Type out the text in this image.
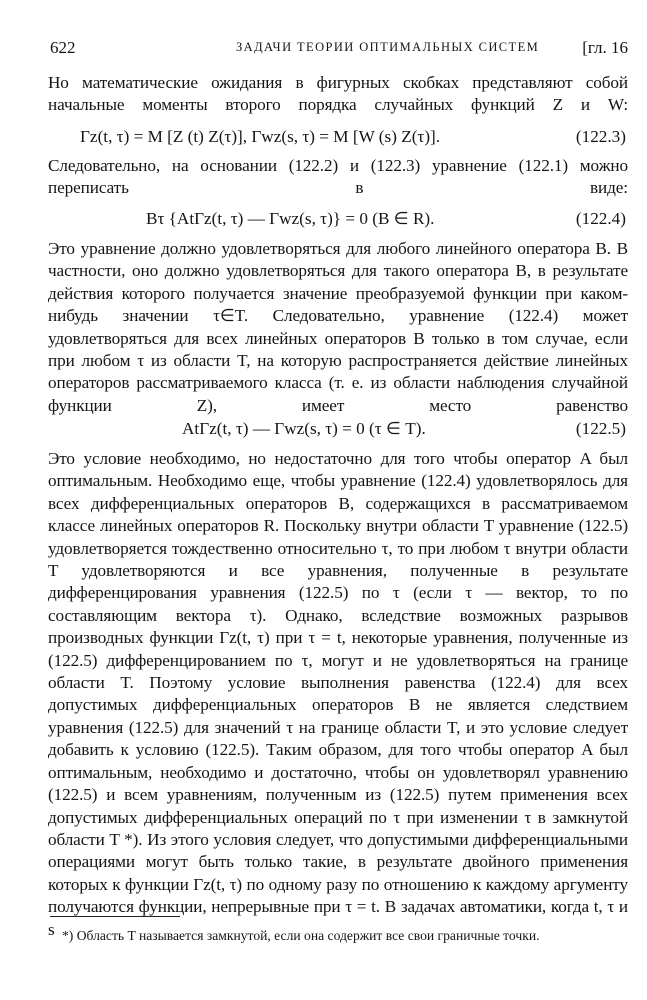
622	ЗАДАЧИ ТЕОРИИ ОПТИМАЛЬНЫХ СИСТЕМ	[гл. 16
Но математические ожидания в фигурных скобках представляют собой начальные моменты второго порядка случайных функций Z и W:
Γz(t, τ) = M [Z (t) Z(τ)], Γwz(s, τ) = M [W (s) Z(τ)].	(122.3)
Следовательно, на основании (122.2) и (122.3) уравнение (122.1) можно переписать в виде:
Bτ {AtΓz(t, τ) — Γwz(s, τ)} = 0 (B ∈ R).	(122.4)
Это уравнение должно удовлетворяться для любого линейного оператора B. В частности, оно должно удовлетворяться для такого оператора B, в результате действия которого получается значение преобразуемой функции при каком-нибудь значении τ∈T. Следовательно, уравнение (122.4) может удовлетворяться для всех линейных операторов B только в том случае, если при любом τ из области T, на которую распространяется действие линейных операторов рассматриваемого класса (т. е. из области наблюдения случайной функции Z), имеет место равенство
AtΓz(t, τ) — Γwz(s, τ) = 0 (τ ∈ T).	(122.5)
Это условие необходимо, но недостаточно для того чтобы оператор A был оптимальным. Необходимо еще, чтобы уравнение (122.4) удовлетворялось для всех дифференциальных операторов B, содержащихся в рассматриваемом классе линейных операторов R. Поскольку внутри области T уравнение (122.5) удовлетворяется тождественно относительно τ, то при любом τ внутри области T удовлетворяются и все уравнения, полученные в результате дифференцирования уравнения (122.5) по τ (если τ — вектор, то по составляющим вектора τ). Однако, вследствие возможных разрывов производных функции Γz(t, τ) при τ = t, некоторые уравнения, полученные из (122.5) дифференцированием по τ, могут и не удовлетворяться на границе области T. Поэтому условие выполнения равенства (122.4) для всех допустимых дифференциальных операторов B не является следствием уравнения (122.5) для значений τ на границе области T, и это условие следует добавить к условию (122.5). Таким образом, для того чтобы оператор A был оптимальным, необходимо и достаточно, чтобы он удовлетворял уравнению (122.5) и всем уравнениям, полученным из (122.5) путем применения всех допустимых дифференциальных операций по τ при изменении τ в замкнутой области T *). Из этого условия следует, что допустимыми дифференциальными операциями могут быть только такие, в результате двойного применения которых к функции Γz(t, τ) по одному разу по отношению к каждому аргументу получаются функции, непрерывные при τ = t. В задачах автоматики, когда t, τ и s *) Область T называется замкнутой, если она содержит все свои граничные точки.
